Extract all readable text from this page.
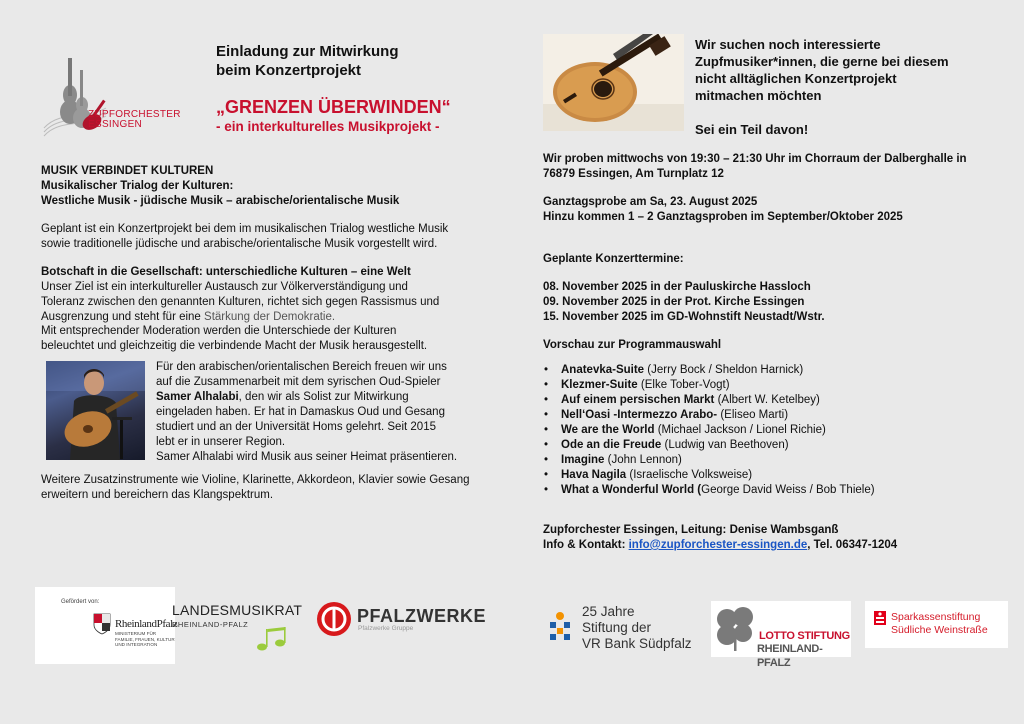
ZUPFORCHESTER
ESSINGEN
Einladung zur Mitwirkung
beim Konzertprojekt
„GRENZEN ÜBERWINDEN“
- ein interkulturelles Musikprojekt -
MUSIK VERBINDET KULTUREN
Musikalischer Trialog der Kulturen:
Westliche Musik - jüdische Musik – arabische/orientalische Musik
Geplant ist ein Konzertprojekt bei dem im musikalischen Trialog westliche Musik
sowie traditionelle jüdische und arabische/orientalische Musik vorgestellt wird.
Botschaft in die Gesellschaft: unterschiedliche Kulturen – eine Welt
Unser Ziel ist ein interkultureller Austausch zur Völkerverständigung und
Toleranz zwischen den genannten Kulturen, richtet sich gegen Rassismus und
Ausgrenzung und steht für eine Stärkung der Demokratie.
Mit entsprechender Moderation werden die Unterschiede der Kulturen
beleuchtet und gleichzeitig die verbindende Macht der Musik herausgestellt.
Für den arabischen/orientalischen Bereich freuen wir uns
auf die Zusammenarbeit mit dem syrischen Oud-Spieler
Samer Alhalabi, den wir als Solist zur Mitwirkung
eingeladen haben. Er hat in Damaskus Oud und Gesang
studiert und an der Universität Homs gelehrt. Seit 2015
lebt er in unserer Region.
Samer Alhalabi wird Musik aus seiner Heimat präsentieren.
Weitere Zusatzinstrumente wie Violine, Klarinette, Akkordeon, Klavier sowie Gesang
erweitern und bereichern das Klangspektrum.
Wir suchen noch interessierte
Zupfmusiker*innen, die gerne bei diesem
nicht alltäglichen Konzertprojekt
mitmachen möchten
Sei ein Teil davon!
Wir proben mittwochs von 19:30 – 21:30 Uhr im Chorraum der Dalberghalle in
76879 Essingen, Am Turnplatz 12
Ganztagsprobe am Sa, 23. August 2025
Hinzu kommen 1 – 2 Ganztagsproben im September/Oktober 2025
Geplante Konzerttermine:
08. November 2025 in der Pauluskirche Hassloch
09. November 2025 in der Prot. Kirche Essingen
15. November 2025 im GD-Wohnstift Neustadt/Wstr.
Vorschau zur Programmauswahl
• Anatevka-Suite (Jerry Bock / Sheldon Harnick)
• Klezmer-Suite (Elke Tober-Vogt)
• Auf einem persischen Markt (Albert W. Ketelbey)
• Nell‘Oasi -Intermezzo Arabo- (Eliseo Marti)
• We are the World (Michael Jackson / Lionel Richie)
• Ode an die Freude (Ludwig van Beethoven)
• Imagine (John Lennon)
• Hava Nagila (Israelische Volksweise)
• What a Wonderful World (George David Weiss / Bob Thiele)
Zupforchester Essingen, Leitung: Denise Wambsganß
Info & Kontakt: info@zupforchester-essingen.de, Tel. 06347-1204
Gefördert von:
RheinlandPfalz
MINISTERIUM FÜR
FAMILIE, FRAUEN, KULTUR
UND INTEGRATION
LANDESMUSIKRAT
RHEINLAND-PFALZ	PFALZWERKE
Pfalzwerke Gruppe
25 Jahre
Stiftung der
VR Bank Südpfalz	LOTTO STIFTUNG
RHEINLAND-PFALZ
Sparkassenstiftung
Südliche Weinstraße
